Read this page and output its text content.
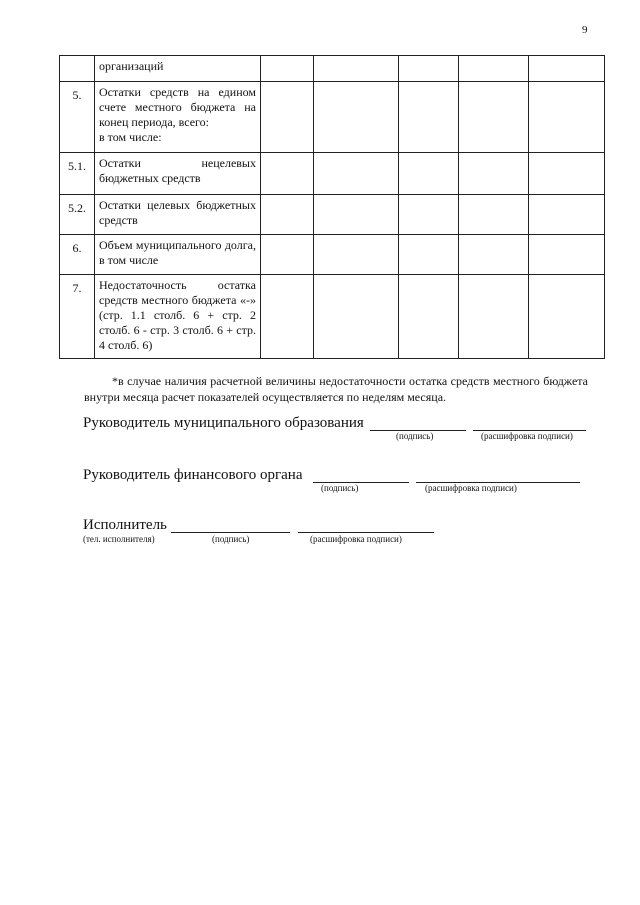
9
	организаций					
5.	Остатки средств на едином счете местного бюджета на конец периода, всего:
в том числе:					

5.1.	Остатки нецелевых бюджетных средств					
5.2.	Остатки целевых бюджетных средств					
6.	Объем муниципального долга, в том числе					
7.	Недостаточность остатка средств местного бюджета «-» (стр. 1.1 столб. 6 + стр. 2 столб. 6 - стр. 3 столб. 6 + стр. 4 столб. 6)					
*в случае наличия расчетной величины недостаточности остатка средств местного бюджета внутри месяца расчет показателей осуществляется по неделям месяца.
Руководитель муниципального образования
(подпись)	(расшифровка подписи)
Руководитель финансового органа
(подпись)	(расшифровка подписи)
Исполнитель
(тел. исполнителя)	(подпись)	(расшифровка подписи)
